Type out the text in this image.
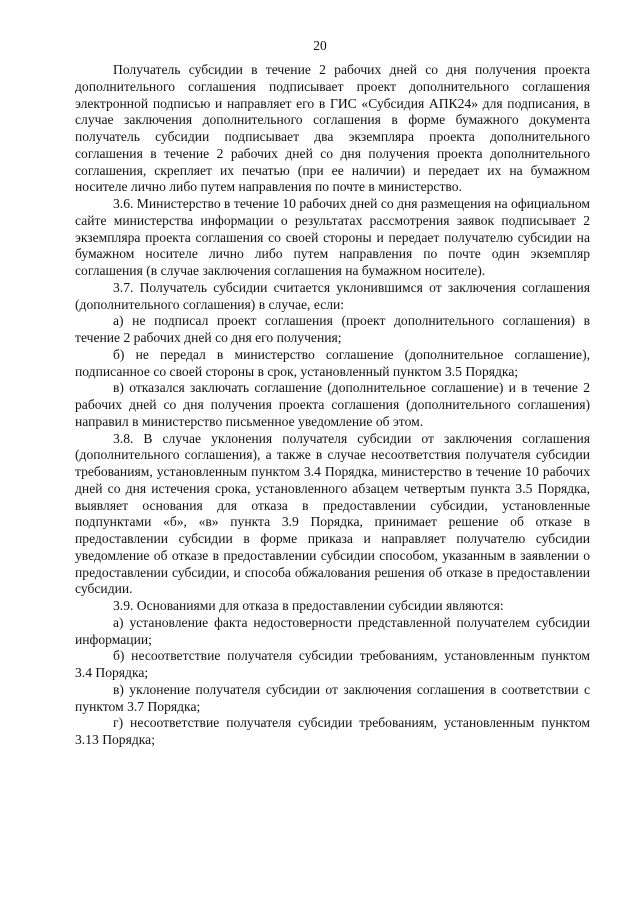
20

Получатель субсидии в течение 2 рабочих дней со дня получения проекта дополнительного соглашения подписывает проект дополнительного соглашения электронной подписью и направляет его в ГИС «Субсидия АПК24» для подписания, в случае заключения дополнительного соглашения в форме бумажного документа получатель субсидии подписывает два экземпляра проекта дополнительного соглашения в течение 2 рабочих дней со дня получения проекта дополнительного соглашения, скрепляет их печатью (при ее наличии) и передает их на бумажном носителе лично либо путем направления по почте в министерство.

3.6. Министерство в течение 10 рабочих дней со дня размещения на официальном сайте министерства информации о результатах рассмотрения заявок подписывает 2 экземпляра проекта соглашения со своей стороны и передает получателю субсидии на бумажном носителе лично либо путем направления по почте один экземпляр соглашения (в случае заключения соглашения на бумажном носителе).

3.7. Получатель субсидии считается уклонившимся от заключения соглашения (дополнительного соглашения) в случае, если:

а) не подписал проект соглашения (проект дополнительного соглашения) в течение 2 рабочих дней со дня его получения;

б) не передал в министерство соглашение (дополнительное соглашение), подписанное со своей стороны в срок, установленный пунктом 3.5 Порядка;

в) отказался заключать соглашение (дополнительное соглашение) и в течение 2 рабочих дней со дня получения проекта соглашения (дополнительного соглашения) направил в министерство письменное уведомление об этом.

3.8. В случае уклонения получателя субсидии от заключения соглашения (дополнительного соглашения), а также в случае несоответствия получателя субсидии требованиям, установленным пунктом 3.4 Порядка, министерство в течение 10 рабочих дней со дня истечения срока, установленного абзацем четвертым пункта 3.5 Порядка, выявляет основания для отказа в предоставлении субсидии, установленные подпунктами «б», «в» пункта 3.9 Порядка, принимает решение об отказе в предоставлении субсидии в форме приказа и направляет получателю субсидии уведомление об отказе в предоставлении субсидии способом, указанным в заявлении о предоставлении субсидии, и способа обжалования решения об отказе в предоставлении субсидии.

3.9. Основаниями для отказа в предоставлении субсидии являются:

а) установление факта недостоверности представленной получателем субсидии информации;

б) несоответствие получателя субсидии требованиям, установленным пунктом 3.4 Порядка;

в) уклонение получателя субсидии от заключения соглашения в соответствии с пунктом 3.7 Порядка;

г) несоответствие получателя субсидии требованиям, установленным пунктом 3.13 Порядка;
